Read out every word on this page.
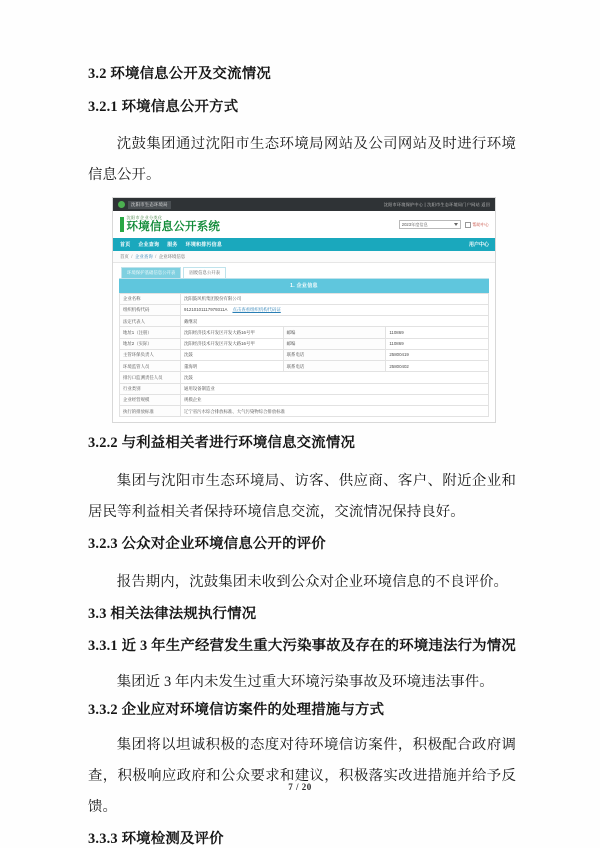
3.2 环境信息公开及交流情况
3.2.1 环境信息公开方式

沈鼓集团通过沈阳市生态环境局网站及公司网站及时进行环境信息公开。

沈阳市生态环境局	沈阳市环境保护中心 | 沈阳市生态环境局门户网站 返回
沈阳市企业分类化
环境信息公开系统	2023年度信息	帮助中心
首页 企业查询 服务 环境和排污信息	用户中心
首页 / 企业查询 / 企业环境信息
环境保护基础信息公开表	固废信息公开表
1. 企业信息
企业名称	沈阳鼓风机集团股份有限公司		
组织机构代码	91210101117979311A 点击查看组织机构代码证		
法定代表人	戴继双		
地址1（注册）	沈阳经济技术开发区开发大路16号甲	邮编	110869
地址2（实际）	沈阳经济技术开发区开发大路16号甲	邮编	110869
主管环保负责人	沈鼓	联系电话	25800419
环境监管人员	董海明	联系电话	25800402
排污口监测责任人员	沈鼓		
行业类别	通用设备制造业		
企业经营规模	规模企业		
执行的排放标准	辽宁省污水综合排放标准、大气污染物综合排放标准		
3.2.2 与利益相关者进行环境信息交流情况

集团与沈阳市生态环境局、访客、供应商、客户、附近企业和居民等利益相关者保持环境信息交流，交流情况保持良好。

3.2.3 公众对企业环境信息公开的评价

报告期内，沈鼓集团未收到公众对企业环境信息的不良评价。

3.3 相关法律法规执行情况
3.3.1 近 3 年生产经营发生重大污染事故及存在的环境违法行为情况

集团近 3 年内未发生过重大环境污染事故及环境违法事件。

3.3.2 企业应对环境信访案件的处理措施与方式

集团将以坦诚积极的态度对待环境信访案件，积极配合政府调查，积极响应政府和公众要求和建议，积极落实改进措施并给予反馈。

3.3.3 环境检测及评价
7 / 20
